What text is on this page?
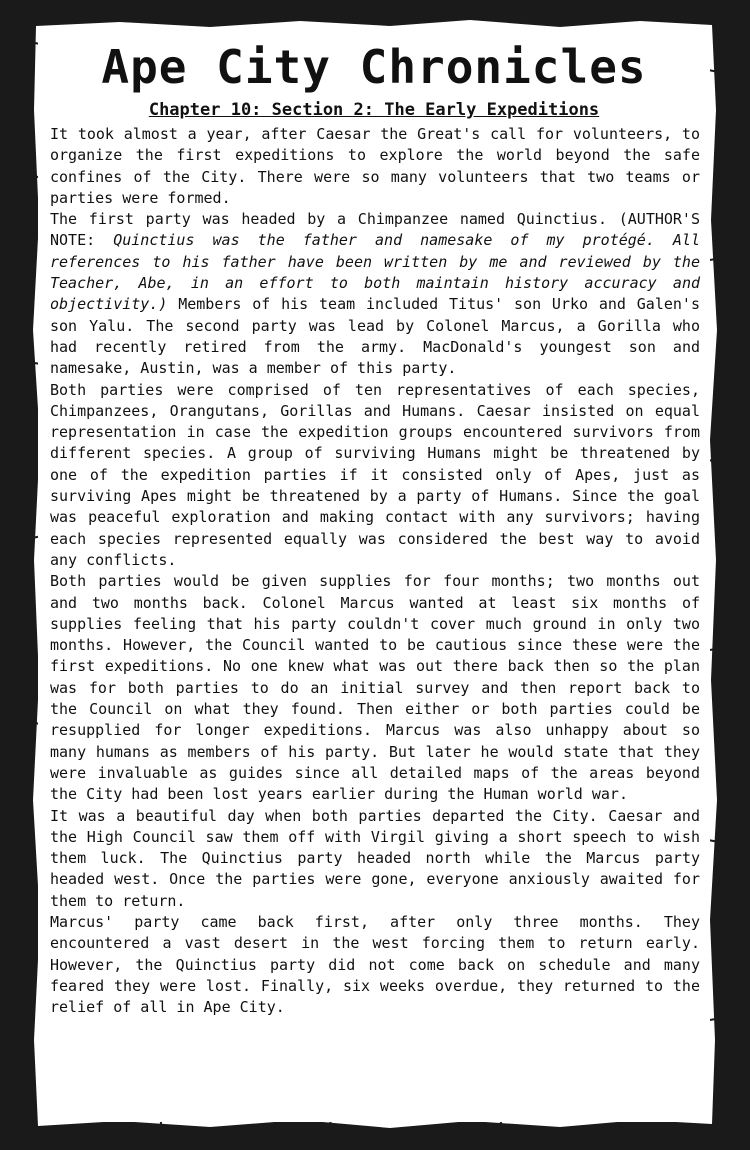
Ape City Chronicles
Chapter 10: Section 2: The Early Expeditions

It took almost a year, after Caesar the Great's call for volunteers, to organize the first expeditions to explore the world beyond the safe confines of the City. There were so many volunteers that two teams or parties were formed.

The first party was headed by a Chimpanzee named Quinctius. (AUTHOR'S NOTE: Quinctius was the father and namesake of my protégé. All references to his father have been written by me and reviewed by the Teacher, Abe, in an effort to both maintain history accuracy and objectivity.) Members of his team included Titus' son Urko and Galen's son Yalu. The second party was lead by Colonel Marcus, a Gorilla who had recently retired from the army. MacDonald's youngest son and namesake, Austin, was a member of this party.

Both parties were comprised of ten representatives of each species, Chimpanzees, Orangutans, Gorillas and Humans. Caesar insisted on equal representation in case the expedition groups encountered survivors from different species. A group of surviving Humans might be threatened by one of the expedition parties if it consisted only of Apes, just as surviving Apes might be threatened by a party of Humans. Since the goal was peaceful exploration and making contact with any survivors; having each species represented equally was considered the best way to avoid any conflicts.

Both parties would be given supplies for four months; two months out and two months back. Colonel Marcus wanted at least six months of supplies feeling that his party couldn't cover much ground in only two months. However, the Council wanted to be cautious since these were the first expeditions. No one knew what was out there back then so the plan was for both parties to do an initial survey and then report back to the Council on what they found. Then either or both parties could be resupplied for longer expeditions. Marcus was also unhappy about so many humans as members of his party. But later he would state that they were invaluable as guides since all detailed maps of the areas beyond the City had been lost years earlier during the Human world war.

It was a beautiful day when both parties departed the City. Caesar and the High Council saw them off with Virgil giving a short speech to wish them luck. The Quinctius party headed north while the Marcus party headed west. Once the parties were gone, everyone anxiously awaited for them to return.

Marcus' party came back first, after only three months. They encountered a vast desert in the west forcing them to return early. However, the Quinctius party did not come back on schedule and many feared they were lost. Finally, six weeks overdue, they returned to the relief of all in Ape City.
